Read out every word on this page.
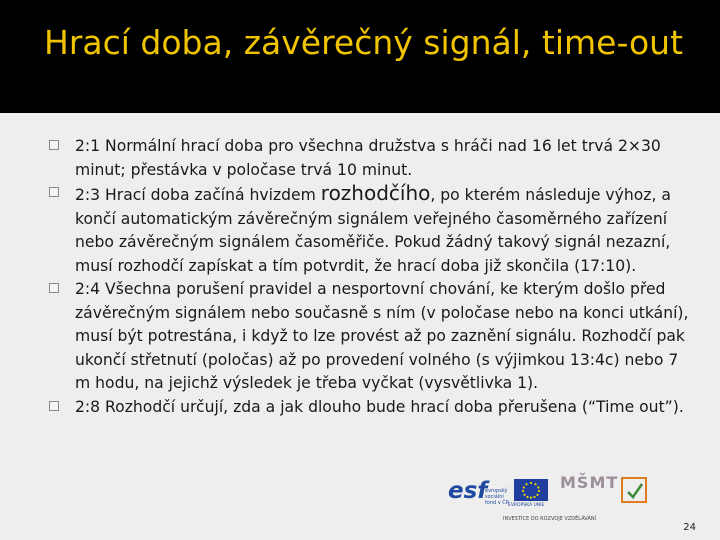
Hrací doba, závěrečný signál, time-out
2:1 Normální hrací doba pro všechna družstva s hráči nad 16 let trvá 2×30 minut; přestávka v poločase trvá 10 minut.
2:3 Hrací doba začíná hvizdem rozhodčího, po kterém následuje výhoz, a končí automatickým závěrečným signálem veřejného časoměrného zařízení nebo závěrečným signálem časoměřiče. Pokud žádný takový signál nezazní, musí rozhodčí zapískat a tím potvrdit, že hrací doba již skončila (17:10).
2:4 Všechna porušení pravidel a nesportovní chování, ke kterým došlo před závěrečným signálem nebo současně s ním (v poločase nebo na konci utkání), musí být potrestána, i když to lze provést až po zaznění signálu. Rozhodčí pak ukončí střetnutí (poločas) až po provedení volného (s výjimkou 13:4c) nebo 7 m hodu, na jejichž výsledek je třeba vyčkat (vysvětlivka 1).
2:8 Rozhodčí určují, zda a jak dlouho bude hrací doba přerušena (“Time out”).
esf
evropský sociální fond v ČR
EVROPSKÁ UNIE
MŠMT
INVESTICE DO ROZVOJE VZDĚLÁVÁNÍ
24
